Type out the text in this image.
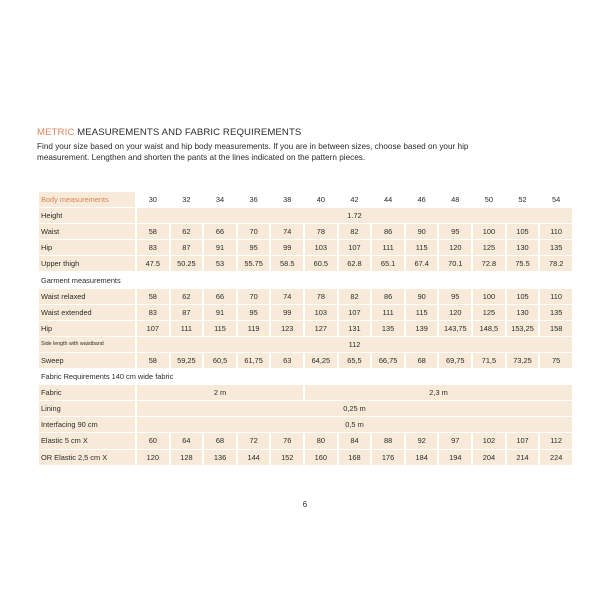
METRIC MEASUREMENTS AND FABRIC REQUIREMENTS
Find your size based on your waist and hip body measurements. If you are in between sizes, choose based on your hip
measurement. Lengthen and shorten the pants at the lines indicated on the pattern pieces.
Body measurements	30	32	34	36	38	40	42	44	46	48	50	52	54
Height	1.72												
Waist	58	62	66	70	74	78	82	86	90	95	100	105	110
Hip	83	87	91	95	99	103	107	111	115	120	125	130	135
Upper thigh	47.5	50.25	53	55.75	58.5	60.5	62.8	65.1	67.4	70.1	72.8	75.5	78.2
Garment measurements													
Waist relaxed	58	62	66	70	74	78	82	86	90	95	100	105	110
Waist extended	83	87	91	95	99	103	107	111	115	120	125	130	135
Hip	107	111	115	119	123	127	131	135	139	143,75	148,5	153,25	158
Side length with waistband	112												
Sweep	58	59,25	60,5	61,75	63	64,25	65,5	66,75	68	69,75	71,5	73,25	75
Fabric Requirements 140 cm wide fabric													
Fabric	2 m					2,3 m							
Lining	0,25 m												
Interfacing 90 cm	0,5 m												
Elastic 5 cm X	60	64	68	72	76	80	84	88	92	97	102	107	112
OR Elastic 2,5 cm X	120	128	136	144	152	160	168	176	184	194	204	214	224
6
